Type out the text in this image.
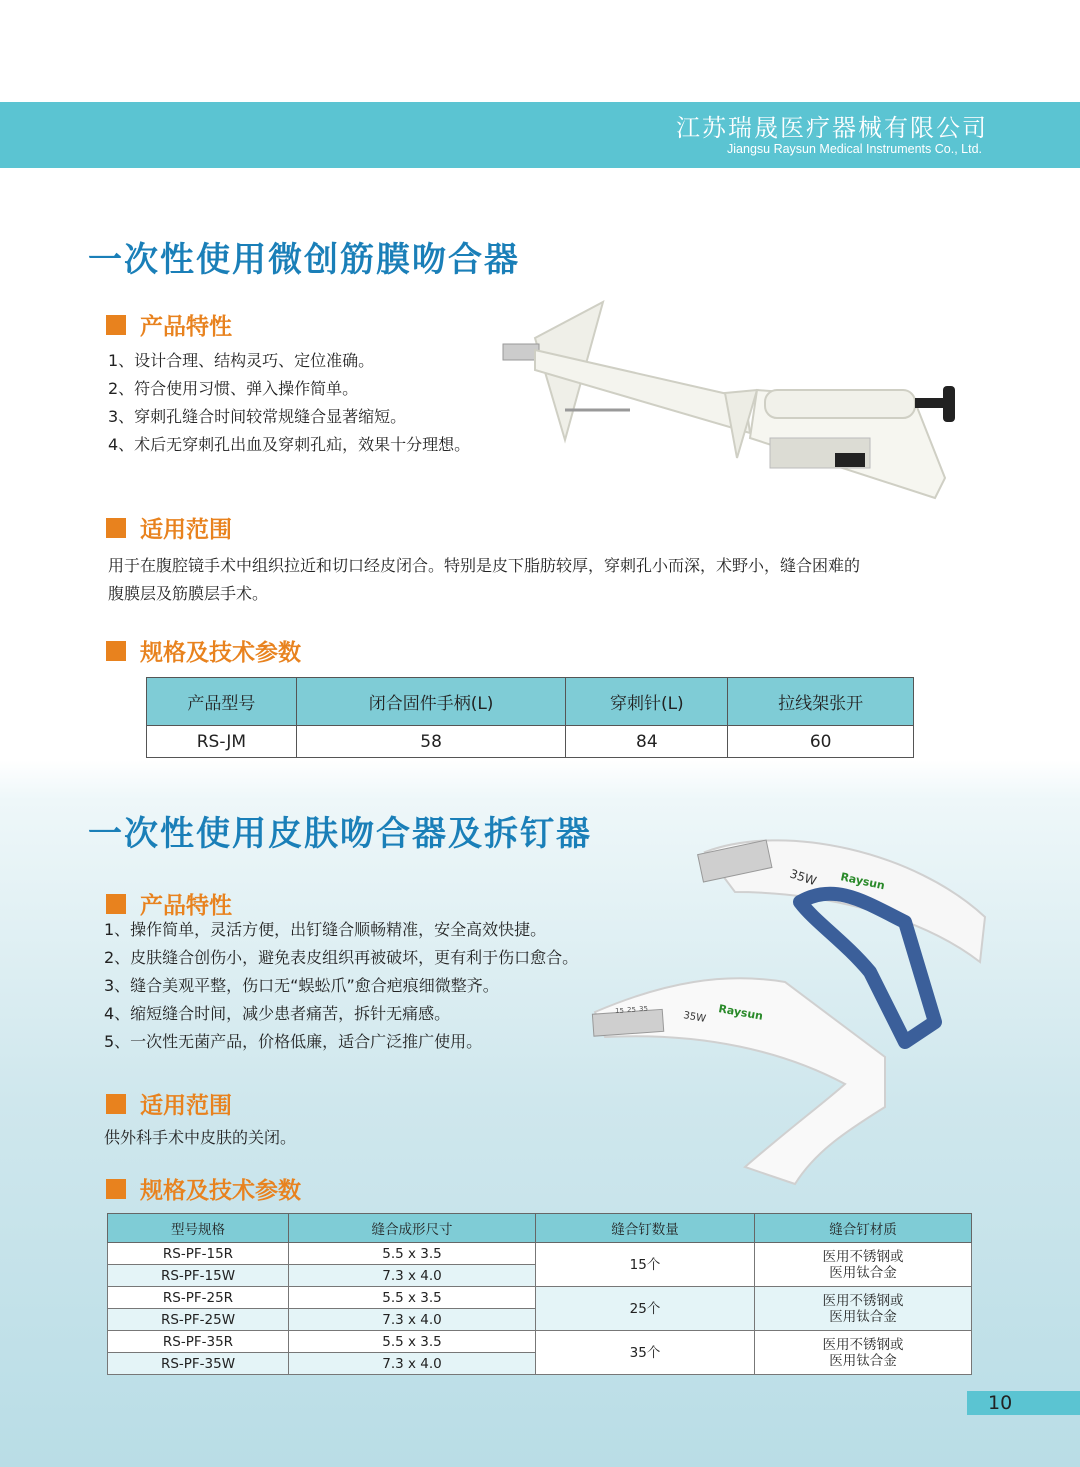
江苏瑞晟医疗器械有限公司
Jiangsu Raysun Medical Instruments Co., Ltd.
一次性使用微创筋膜吻合器
产品特性
1、设计合理、结构灵巧、定位准确。
2、符合使用习惯、弹入操作简单。
3、穿刺孔缝合时间较常规缝合显著缩短。
4、术后无穿刺孔出血及穿刺孔疝，效果十分理想。
适用范围
用于在腹腔镜手术中组织拉近和切口经皮闭合。特别是皮下脂肪较厚，穿刺孔小而深，术野小，缝合困难的
腹膜层及筋膜层手术。
规格及技术参数
产品型号	闭合固件手柄(L)	穿刺针(L)	拉线架张开
RS-JM	58	84	60
一次性使用皮肤吻合器及拆钉器
产品特性
1、操作简单，灵活方便，出钉缝合顺畅精准，安全高效快捷。
2、皮肤缝合创伤小，避免表皮组织再被破坏，更有利于伤口愈合。
3、缝合美观平整，伤口无“蜈蚣爪”愈合疤痕细微整齐。
4、缩短缝合时间，减少患者痛苦，拆针无痛感。
5、一次性无菌产品，价格低廉，适合广泛推广使用。
35W Raysun
15 25 35
35W Raysun
适用范围

供外科手术中皮肤的关闭。

规格及技术参数
型号规格	缝合成形尺寸	缝合钉数量	缝合钉材质
RS-PF-15R	5.5 x 3.5	15个	医用不锈钢或
医用钛合金

RS-PF-15W	7.3 x 4.0		
RS-PF-25R	5.5 x 3.5	25个	医用不锈钢或
医用钛合金

RS-PF-25W	7.3 x 4.0		
RS-PF-35R	5.5 x 3.5	35个	医用不锈钢或
医用钛合金

RS-PF-35W	7.3 x 4.0		
10
